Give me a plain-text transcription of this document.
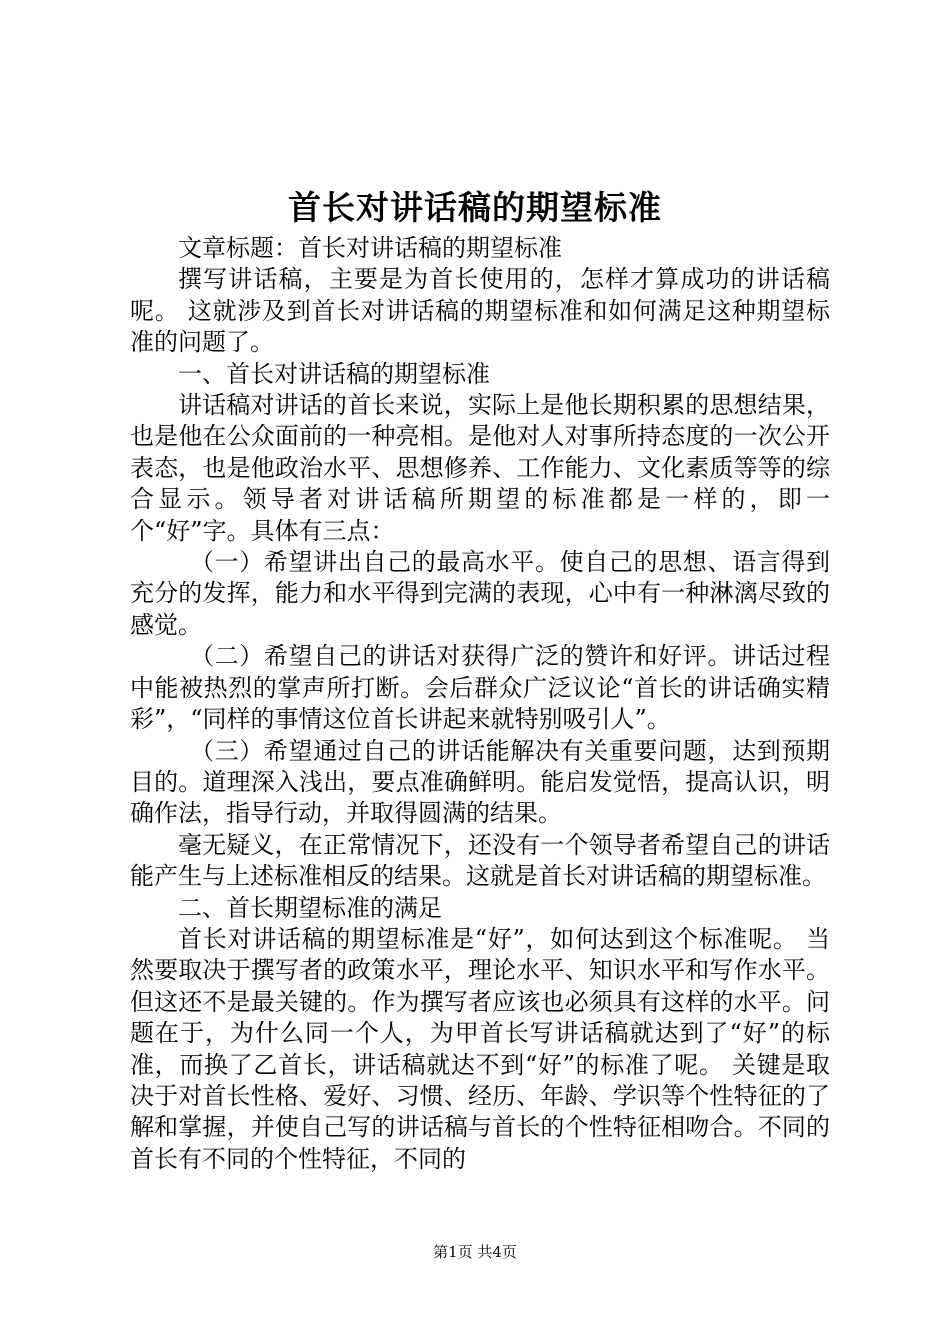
首长对讲话稿的期望标准

文章标题：首长对讲话稿的期望标准

撰写讲话稿，主要是为首长使用的，怎样才算成功的讲话稿呢。 这就涉及到首长对讲话稿的期望标准和如何满足这种期望标准的问题了。

一、首长对讲话稿的期望标准

讲话稿对讲话的首长来说，实际上是他长期积累的思想结果，也是他在公众面前的一种亮相。是他对人对事所持态度的一次公开表态，也是他政治水平、思想修养、工作能力、文化素质等等的综合显示。领导者对讲话稿所期望的标准都是一样的，即一个“好”字。具体有三点：

（一）希望讲出自己的最高水平。使自己的思想、语言得到充分的发挥，能力和水平得到完满的表现，心中有一种淋漓尽致的感觉。

（二）希望自己的讲话对获得广泛的赞许和好评。讲话过程中能被热烈的掌声所打断。会后群众广泛议论“首长的讲话确实精彩”，“同样的事情这位首长讲起来就特别吸引人”。

（三）希望通过自己的讲话能解决有关重要问题，达到预期目的。道理深入浅出，要点准确鲜明。能启发觉悟，提高认识，明确作法，指导行动，并取得圆满的结果。

毫无疑义，在正常情况下，还没有一个领导者希望自己的讲话能产生与上述标准相反的结果。这就是首长对讲话稿的期望标准。

二、首长期望标准的满足

首长对讲话稿的期望标准是“好”，如何达到这个标准呢。 当然要取决于撰写者的政策水平，理论水平、知识水平和写作水平。但这还不是最关键的。作为撰写者应该也必须具有这样的水平。问题在于，为什么同一个人，为甲首长写讲话稿就达到了“好”的标准，而换了乙首长，讲话稿就达不到“好”的标准了呢。 关键是取决于对首长性格、爱好、习惯、经历、年龄、学识等个性特征的了解和掌握，并使自己写的讲话稿与首长的个性特征相吻合。不同的首长有不同的个性特征，不同的

第1页 共4页
